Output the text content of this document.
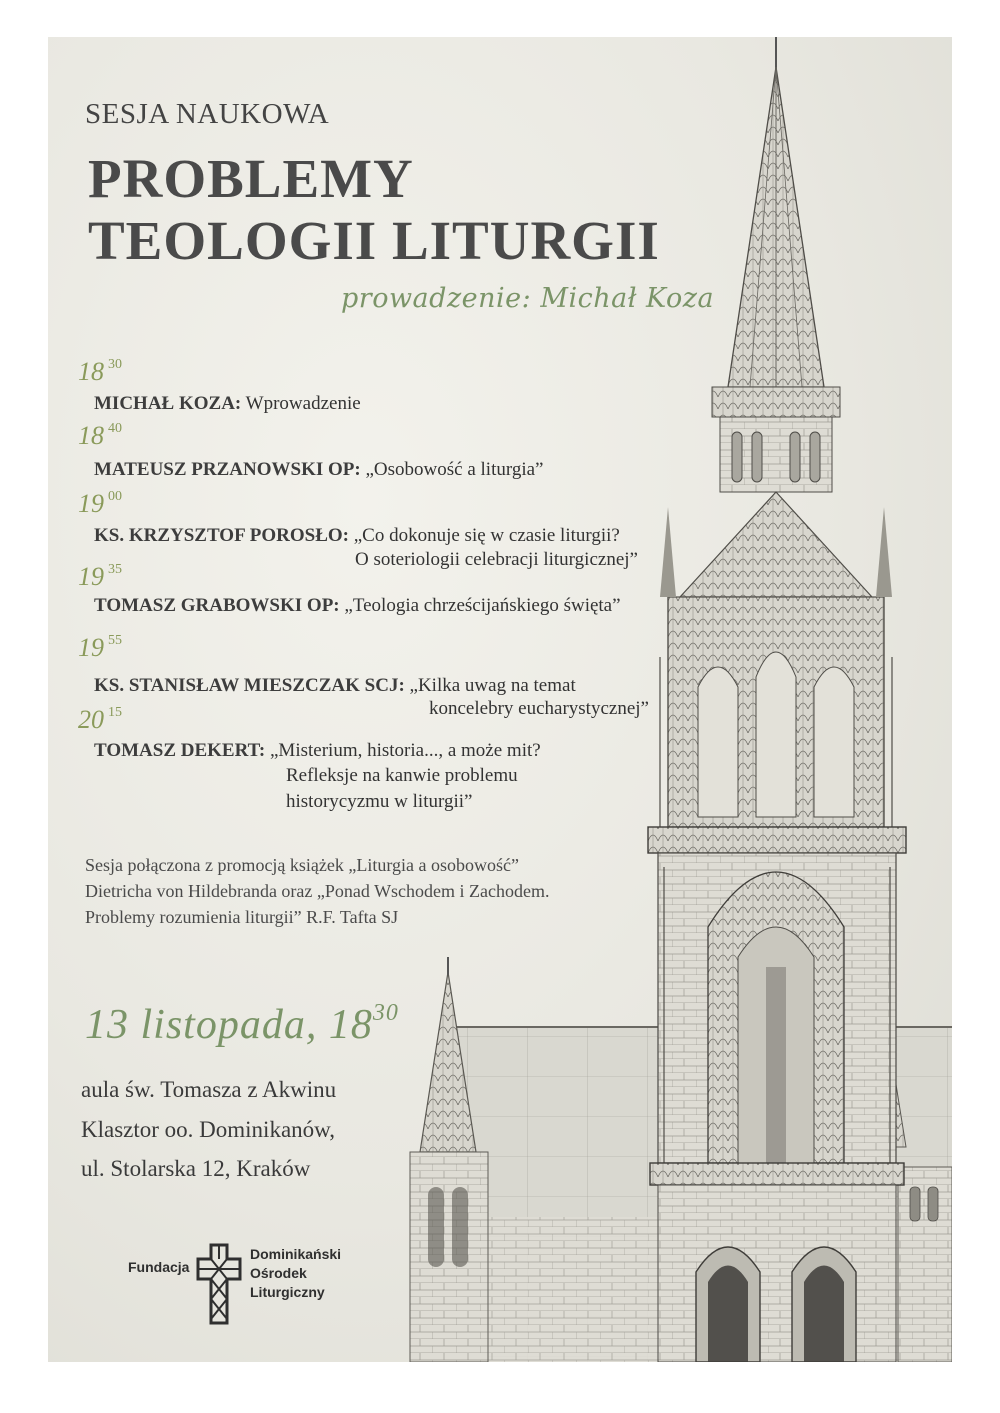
SESJA NAUKOWA
PROBLEMY
TEOLOGII LITURGII
prowadzenie: Michał Koza
18 $^{30}$
MICHAŁ KOZA: Wprowadzenie
18 $^{40}$
MATEUSZ PRZANOWSKI OP: „Osobowość a liturgia”
19 $^{00}$
KS. KRZYSZTOF POROSŁO: „Co dokonuje się w czasie liturgii?
O soteriologii celebracji liturgicznej”
19 $^{35}$
TOMASZ GRABOWSKI OP: „Teologia chrześcijańskiego święta”
19 $^{55}$
KS. STANISŁAW MIESZCZAK SCJ: „Kilka uwag na temat
koncelebry eucharystycznej”
20 $^{15}$
TOMASZ DEKERT: „Misterium, historia..., a może mit?
Refleksje na kanwie problemu
historycyzmu w liturgii”
Sesja połączona z promocją książek „Liturgia a osobowość”
Dietricha von Hildebranda oraz „Ponad Wschodem i Zachodem.
Problemy rozumienia liturgii” R.F. Tafta SJ
13 listopada, $18^{30}$
aula św. Tomasza z Akwinu
Klasztor oo. Dominikanów,
ul. Stolarska 12, Kraków
Fundacja
Dominikański
Ośrodek
Liturgiczny
